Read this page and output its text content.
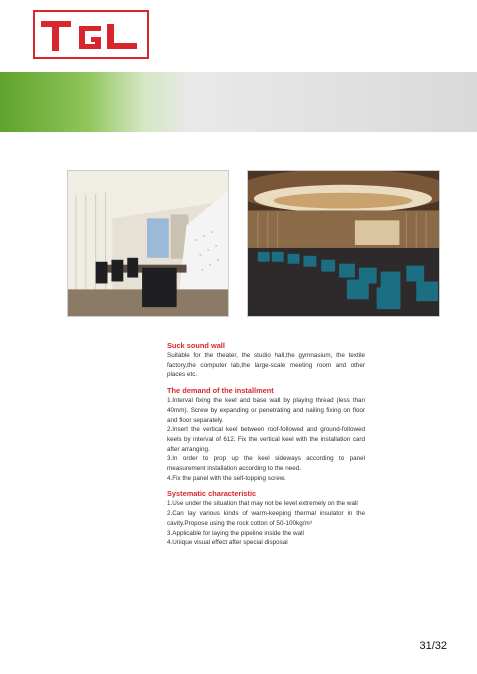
Suck sound wall

Suitable for the theater, the studio hall,the gymnasium, the textile factory,the computer lab,the large-scale meeting room and other places etc.

The demand of the installment

1.Interval fixing the keel and base wall by playing thread (less than 40mm). Screw by expanding or penetrating and nailing fixing on floor and floor separately.

2.Insert the vertical keel between roof-followed and ground-followed keels by interval of 612. Fix the vertical keel with the installation card after arranging.

3.In order to prop up the keel sideways according to panel measurement installation according to the need.

4.Fix the panel with the self-topping screw.

Systematic characteristic

1.Use under the situation that may not be level extremely on the wall

2.Can lay various kinds of warm-keeping thermal insulator in the cavity.Propose using the rock cotton of 50-100kg/m³

3.Applicable for laying the pipeline inside the wall

4.Unique visual effect after special disposal

31/32
